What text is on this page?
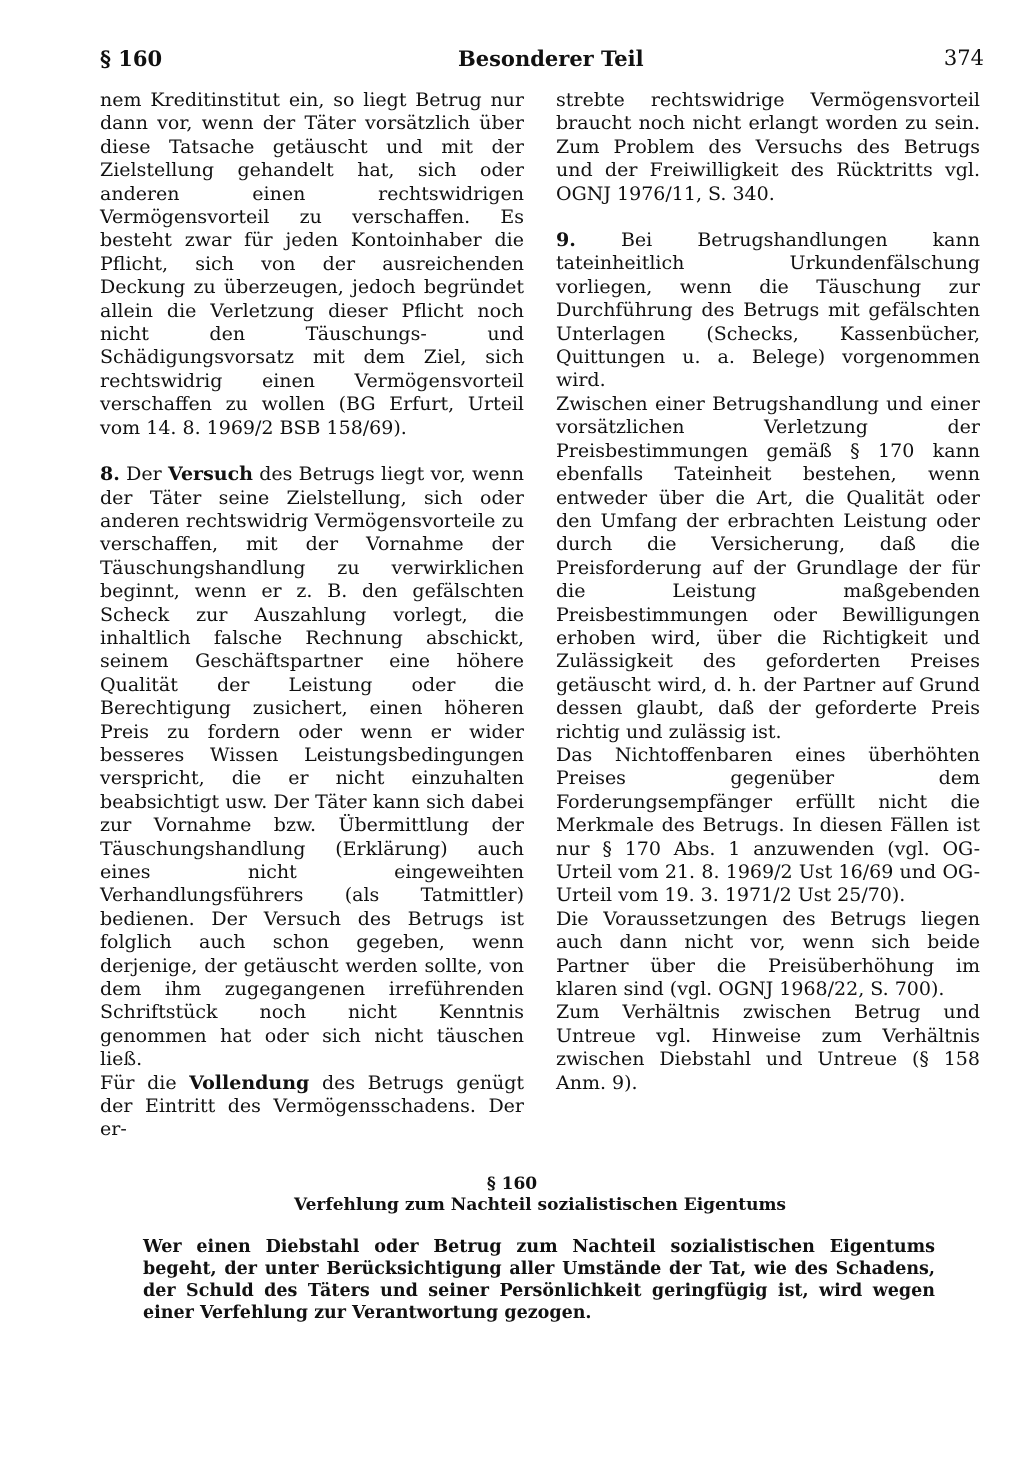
§ 160	Besonderer Teil	374

nem Kreditinstitut ein, so liegt Betrug nur dann vor, wenn der Täter vorsätzlich über diese Tatsache getäuscht und mit der Zielstellung gehandelt hat, sich oder anderen einen rechtswidrigen Vermögensvorteil zu verschaffen. Es besteht zwar für jeden Kontoinhaber die Pflicht, sich von der ausreichenden Deckung zu überzeugen, jedoch begründet allein die Verletzung dieser Pflicht noch nicht den Täuschungs- und Schädigungsvorsatz mit dem Ziel, sich rechtswidrig einen Vermögensvorteil verschaffen zu wollen (BG Erfurt, Urteil vom 14. 8. 1969/2 BSB 158/69).

8. Der Versuch des Betrugs liegt vor, wenn der Täter seine Zielstellung, sich oder anderen rechtswidrig Vermögensvorteile zu verschaffen, mit der Vornahme der Täuschungshandlung zu verwirklichen beginnt, wenn er z. B. den gefälschten Scheck zur Auszahlung vorlegt, die inhaltlich falsche Rechnung abschickt, seinem Geschäftspartner eine höhere Qualität der Leistung oder die Berechtigung zusichert, einen höheren Preis zu fordern oder wenn er wider besseres Wissen Leistungsbedingungen verspricht, die er nicht einzuhalten beabsichtigt usw. Der Täter kann sich dabei zur Vornahme bzw. Übermittlung der Täuschungshandlung (Erklärung) auch eines nicht eingeweihten Verhandlungsführers (als Tatmittler) bedienen. Der Versuch des Betrugs ist folglich auch schon gegeben, wenn derjenige, der getäuscht werden sollte, von dem ihm zugegangenen irreführenden Schriftstück noch nicht Kenntnis genommen hat oder sich nicht täuschen ließ.

Für die Vollendung des Betrugs genügt der Eintritt des Vermögensschadens. Der er-

strebte rechtswidrige Vermögensvorteil braucht noch nicht erlangt worden zu sein. Zum Problem des Versuchs des Betrugs und der Freiwilligkeit des Rücktritts vgl. OGNJ 1976/11, S. 340.

9. Bei Betrugshandlungen kann tateinheitlich Urkundenfälschung vorliegen, wenn die Täuschung zur Durchführung des Betrugs mit gefälschten Unterlagen (Schecks, Kassenbücher, Quittungen u. a. Belege) vorgenommen wird.

Zwischen einer Betrugshandlung und einer vorsätzlichen Verletzung der Preisbestimmungen gemäß § 170 kann ebenfalls Tateinheit bestehen, wenn entweder über die Art, die Qualität oder den Umfang der erbrachten Leistung oder durch die Versicherung, daß die Preisforderung auf der Grundlage der für die Leistung maßgebenden Preisbestimmungen oder Bewilligungen erhoben wird, über die Richtigkeit und Zulässigkeit des geforderten Preises getäuscht wird, d. h. der Partner auf Grund dessen glaubt, daß der geforderte Preis richtig und zulässig ist.

Das Nichtoffenbaren eines überhöhten Preises gegenüber dem Forderungsempfänger erfüllt nicht die Merkmale des Betrugs. In diesen Fällen ist nur § 170 Abs. 1 anzuwenden (vgl. OG-Urteil vom 21. 8. 1969/2 Ust 16/69 und OG-Urteil vom 19. 3. 1971/2 Ust 25/70).

Die Voraussetzungen des Betrugs liegen auch dann nicht vor, wenn sich beide Partner über die Preisüberhöhung im klaren sind (vgl. OGNJ 1968/22, S. 700).

Zum Verhältnis zwischen Betrug und Untreue vgl. Hinweise zum Verhältnis zwischen Diebstahl und Untreue (§ 158 Anm. 9).

§ 160
Verfehlung zum Nachteil sozialistischen Eigentums
Wer einen Diebstahl oder Betrug zum Nachteil sozialistischen Eigentums begeht, der unter Berücksichtigung aller Umstände der Tat, wie des Schadens, der Schuld des Täters und seiner Persönlichkeit geringfügig ist, wird wegen einer Verfehlung zur Verantwortung gezogen.
